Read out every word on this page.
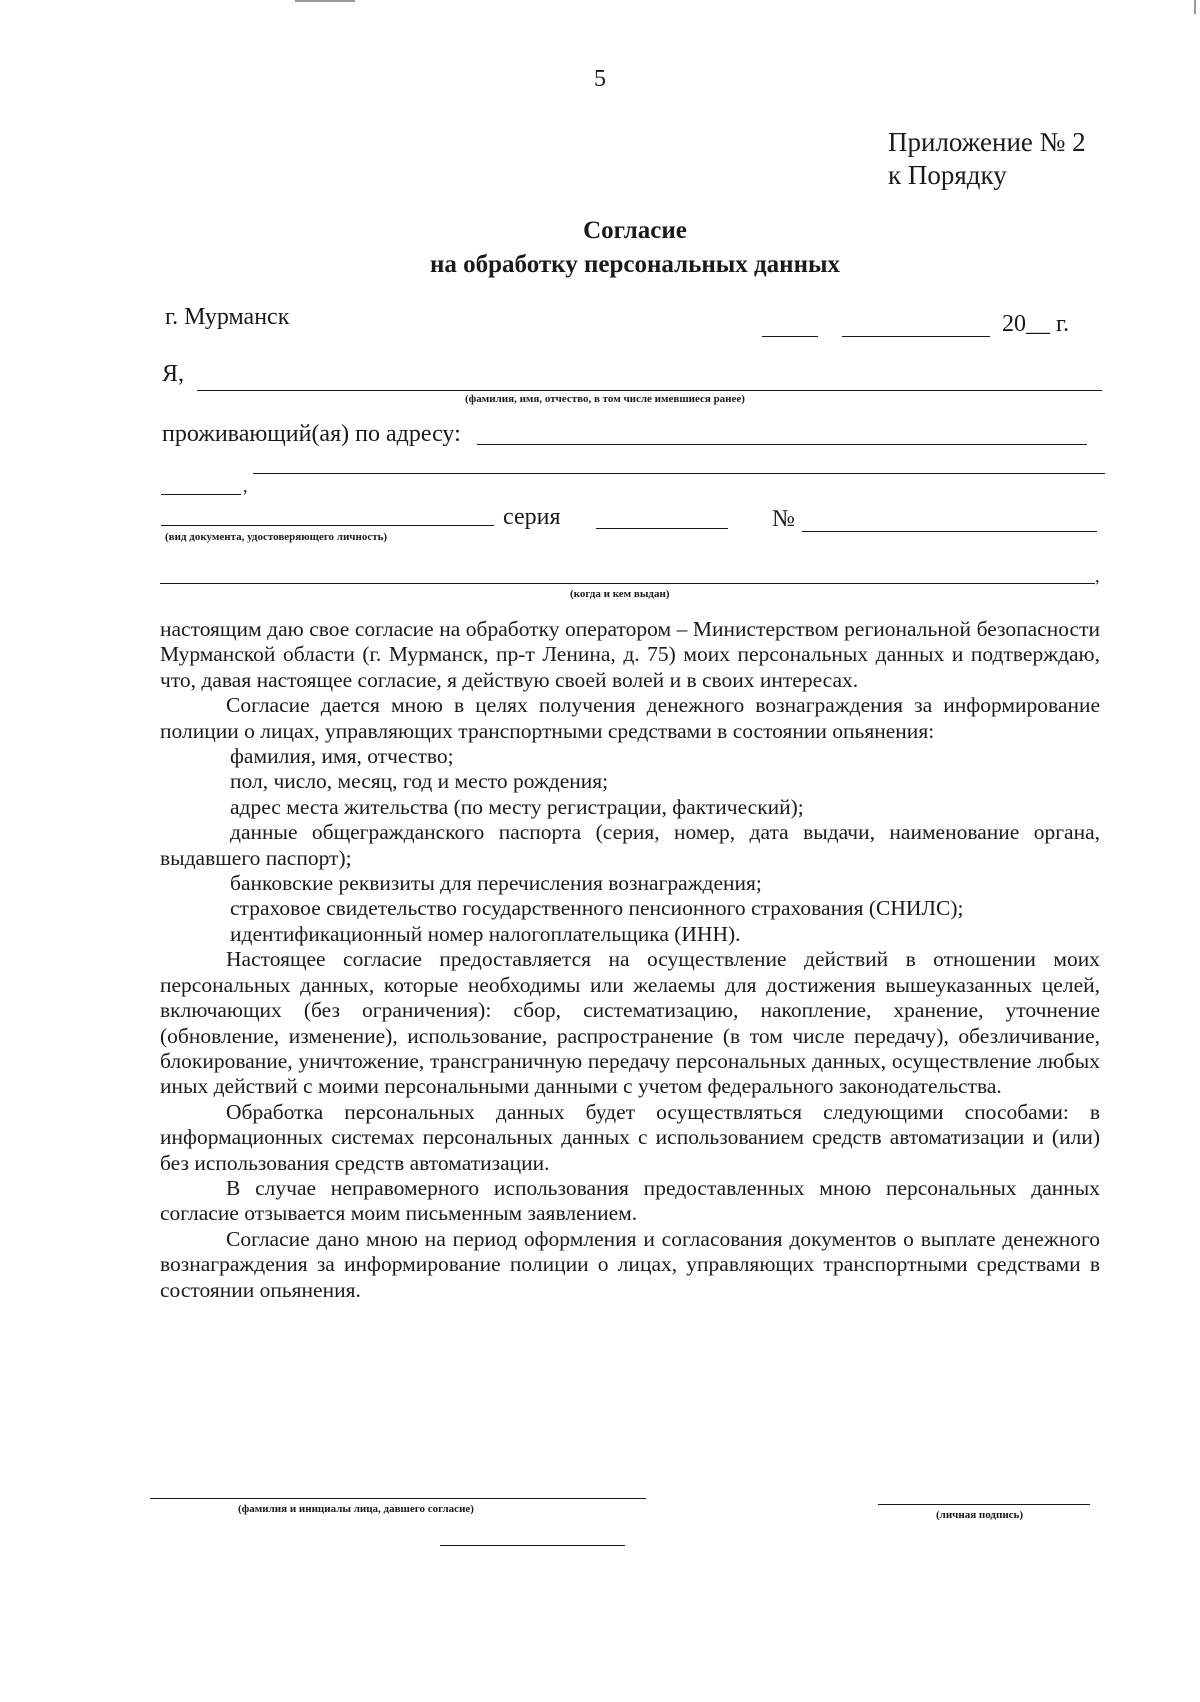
5
Приложение № 2
к Порядку
Согласие
на обработку персональных данных
г. Мурманск	20__ г.
Я,
(фамилия, имя, отчество, в том числе имевшиеся ранее)
проживающий(ая) по адресу:
,
серия	№
(вид документа, удостоверяющего личность)
,
(когда и кем выдан)

настоящим даю свое согласие на обработку оператором – Министерством региональной безопасности Мурманской области (г. Мурманск, пр-т Ленина, д. 75) моих персональных данных и подтверждаю, что, давая настоящее согласие, я действую своей волей и в своих интересах.

Согласие дается мною в целях получения денежного вознаграждения за информирование полиции о лицах, управляющих транспортными средствами в состоянии опьянения:

фамилия, имя, отчество;

пол, число, месяц, год и место рождения;

адрес места жительства (по месту регистрации, фактический);

данные общегражданского паспорта (серия, номер, дата выдачи, наименование органа, выдавшего паспорт);

банковские реквизиты для перечисления вознаграждения;

страховое свидетельство государственного пенсионного страхования (СНИЛС);

идентификационный номер налогоплательщика (ИНН).

Настоящее согласие предоставляется на осуществление действий в отношении моих персональных данных, которые необходимы или желаемы для достижения вышеуказанных целей, включающих (без ограничения): сбор, систематизацию, накопление, хранение, уточнение (обновление, изменение), использование, распространение (в том числе передачу), обезличивание, блокирование, уничтожение, трансграничную передачу персональных данных, осуществление любых иных действий с моими персональными данными с учетом федерального законодательства.

Обработка персональных данных будет осуществляться следующими способами: в информационных системах персональных данных с использованием средств автоматизации и (или) без использования средств автоматизации.

В случае неправомерного использования предоставленных мною персональных данных согласие отзывается моим письменным заявлением.

Согласие дано мною на период оформления и согласования документов о выплате денежного вознаграждения за информирование полиции о лицах, управляющих транспортными средствами в состоянии опьянения.

(фамилия и инициалы лица, давшего согласие)	(личная подпись)
